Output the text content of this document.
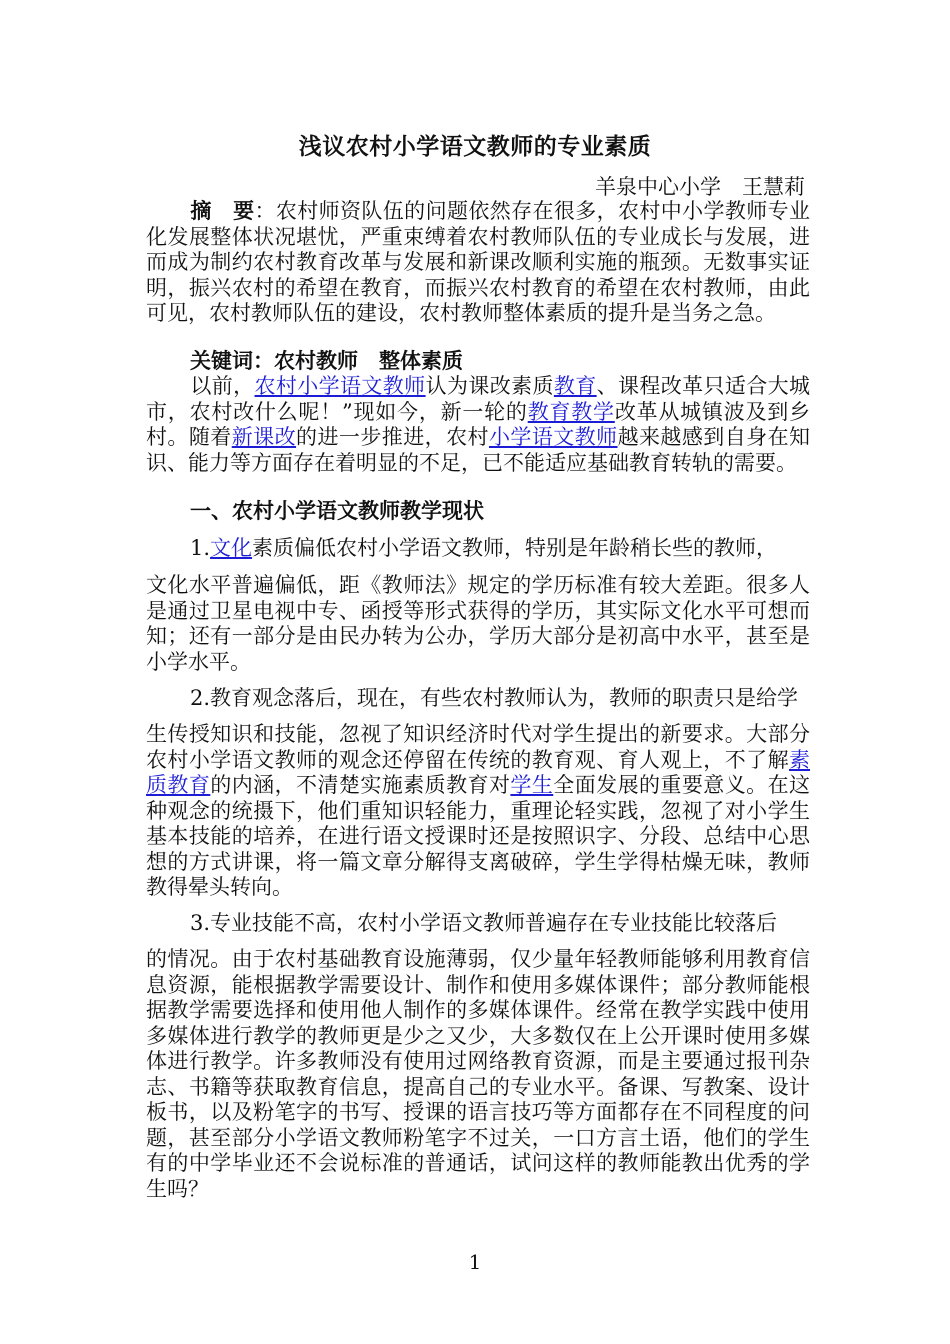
浅议农村小学语文教师的专业素质
羊泉中心小学　王慧莉
摘　要：农村师资队伍的问题依然存在很多，农村中小学教师专业化发展整体状况堪忧，严重束缚着农村教师队伍的专业成长与发展，进而成为制约农村教育改革与发展和新课改顺利实施的瓶颈。无数事实证明，振兴农村的希望在教育，而振兴农村教育的希望在农村教师，由此可见，农村教师队伍的建设，农村教师整体素质的提升是当务之急。
关键词：农村教师　整体素质
以前，农村小学语文教师认为课改素质教育、课程改革只适合大城市，农村改什么呢！”现如今，新一轮的教育教学改革从城镇波及到乡村。随着新课改的进一步推进，农村小学语文教师越来越感到自身在知识、能力等方面存在着明显的不足，已不能适应基础教育转轨的需要。
一、农村小学语文教师教学现状
1.文化素质偏低农村小学语文教师，特别是年龄稍长些的教师，
文化水平普遍偏低，距《教师法》规定的学历标准有较大差距。很多人是通过卫星电视中专、函授等形式获得的学历，其实际文化水平可想而知；还有一部分是由民办转为公办，学历大部分是初高中水平，甚至是小学水平。
2.教育观念落后，现在，有些农村教师认为，教师的职责只是给学
生传授知识和技能，忽视了知识经济时代对学生提出的新要求。大部分农村小学语文教师的观念还停留在传统的教育观、育人观上，不了解素质教育的内涵，不清楚实施素质教育对学生全面发展的重要意义。在这种观念的统摄下，他们重知识轻能力，重理论轻实践，忽视了对小学生基本技能的培养，在进行语文授课时还是按照识字、分段、总结中心思想的方式讲课，将一篇文章分解得支离破碎，学生学得枯燥无味，教师教得晕头转向。
3.专业技能不高，农村小学语文教师普遍存在专业技能比较落后
的情况。由于农村基础教育设施薄弱，仅少量年轻教师能够利用教育信息资源，能根据教学需要设计、制作和使用多媒体课件；部分教师能根据教学需要选择和使用他人制作的多媒体课件。经常在教学实践中使用多媒体进行教学的教师更是少之又少，大多数仅在上公开课时使用多媒体进行教学。许多教师没有使用过网络教育资源，而是主要通过报刊杂志、书籍等获取教育信息，提高自己的专业水平。备课、写教案、设计板书，以及粉笔字的书写、授课的语言技巧等方面都存在不同程度的问题，甚至部分小学语文教师粉笔字不过关，一口方言土语，他们的学生有的中学毕业还不会说标准的普通话，试问这样的教师能教出优秀的学生吗？
1
